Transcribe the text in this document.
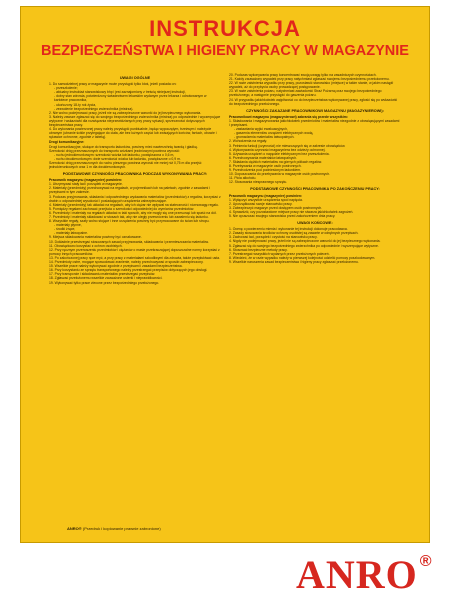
INSTRUKCJA
BEZPIECZEŃSTWA I HIGIENY PRACY W MAGAZYNIE
UWAGI OGÓLNE

1. Do samodzielnej pracy w magazynie może przystąpić tylko ktoś, jeżeli posiada on:

- przeszkolenie;

- aktualny instruktaż stanowiskowy bhp i jest zaznajomiony z treścią niniejszej instrukcji,

- dobry stan zdrowia, potwierdzony świadectwem lekarskim wydanym przez lekarza i odnotowanym w kartotece pracownika,

- ukończony 18-ty rok życia,

- zezwolenie bezpośredniego zwierzchnika (mistrza).

2. Nie wolno podejmować pracy, jeżeli nie są zabezpieczone warunki do jej bezpiecznego wykonania.

3. Należy zawsze zgłaszać się do swojego bezpośredniego zwierzchnika (mistrza) po odpowiednie i wyczerpujące wytyczne i wskazówki dla rozwiązania nieprzewidzianych przy pracy sytuacji, sprzeczności dotyczących bezpieczeństwa pracy.

4. Do wykonania powierzonej pracy należy przystąpić punktualnie, będąc wypoczętym, trzeźwym i należycie ubranym (ubranie ściśle przylegające do ciała, ale bez luźnych części lub zwisających końców, fartuch, obuwie i rękawice ochronne, zgodnie z tabelą).

Drogi komunikacyjne:

Drogi komunikacyjne, służące do transportu ładunków, powinny mieć nawierzchnię twardą i gładką.

Szerokość dróg przeznaczonych do transportu wózkami jezdniowymi powinna wynosić:

- ruchu jednokierunkowym: szerokość wózka lub ładunku, powiększona o 0,6 m,

- ruchu dwukierunkowym: dwie szerokości wózka lub ładunku, powiększone o 0,9 m.

Szerokość dróg przeznaczonych do ruchu pieszego powinna wynosić nie mniej niż 0,75 m dla przejść jednokierunkowych oraz 1 m dla dwukierunkowych.

PODSTAWOWE CZYNNOŚCI PRACOWNIKA PODCZAS WYKONYWANIA PRACY:

Pracownik magazynu (magazynier) powinien:

1. Utrzymywać stały ład i porządek w magazynie.

2. Materiały (przedmioty) przechowywać na regałach, w pojemnikach lub na paletach, zgodnie z zasadami i przepisami w tym zakresie.

3. Podczas przyjmowania, składania i odpowiedniego wydawania materiałów (przedmiotów) z regałów, korzystać z drabin o odpowiedniej wysokości i posiadających urządzenia zabezpieczające.

4. Materiały (przedmioty) tak układać na regałach, aby ich ciężar nie wpływał na stateczność i równowagę regału.

5. Pomiędzy regałami zachować przejścia o szerokości odpowiedniej do wymiarów przedmiotów.

6. Przedmioty i materiały na regałach układać w taki sposób, aby nie mogły się one przesunąć lub spaść na dół.

7. Przedmioty i materiały składować w stosach tak, aby nie uległy przewróceniu lub zawaleniu się ładunku.

8. Wszystkie regały, szafy wolno stojące i inne urządzenia powinny być przymocowane do ścian lub stropu.

- materiały płynne,

- środki żrące,

- materiały łatwopalne.

9. Miejsca składowania materiałów powinny być oznakowane.

10. Dokładnie przestrzegać stosowanych zasad przyjmowania, składowania i przemieszczania materiałów.

11. Obowiązkowo korzystać z ochron osobistych.

12. Przy ręcznym przenoszeniu przedmiotów i ciężarów o masie przekraczającej dopuszczalne normy korzystać z pomocy innych pracowników.

13. Po zakończonej pracy ręce myć, a przy pracy z materiałami szkodliwymi dla zdrowia, także przepłukiwać usta.

14. Przedmioty ostre, mogące spowodować zranienie, należy przechowywać w sposób zabezpieczony.

15. Wszelkie prace należy wykonywać zgodnie z przepisami i zasadami bezpieczeństwa.

16. Przy korzystaniu ze sprzętu transportowego należy przestrzegać przepisów dotyczących jego obsługi.

17. Przy transporcie i składowaniu materiałów przestrzegać przepisów.

18. Zgłaszać przełożonemu wszelkie zauważone usterki i nieprawidłowości.

19. Wykonywać tylko prace zlecone przez bezpośredniego przełożonego.

20. Podczas wykonywania pracy koncentrować swoją uwagę tylko na zasadniczych czynnościach.

21. Każdy zauważony wypadek przy pracy natychmiast zgłaszać swojemu bezpośredniemu przełożonemu.

22. W razie zaistnienia wypadku przy pracy, pozostawić stanowisko (miejsce) w takim stanie, w jakim nastąpił wypadek, aż do przybycia osoby prowadzącej postępowanie.

23. W razie zaistnienia pożaru, natychmiast zawiadomić Straż Pożarną oraz swojego bezpośredniego przełożonego, a następnie przystąpić do gaszenia pożaru.

24. W przypadku jakichkolwiek wątpliwości co do bezpieczeństwa wykonywanej pracy, zgłosić się po wskazówki do bezpośredniego przełożonego.

CZYNNOŚCI ZAKAZANE PRACOWNIKOWI MAGAZYNU (MAGAZYNIEROWI):

Pracownikowi magazynu (magazynierowi) zabrania się przede wszystkim:

1. Składowania i magazynowania jakichkolwiek przedmiotów i materiałów niezgodnie z obowiązującymi zasadami i przepisami.

- zastawiania wyjść ewakuacyjnych,

- gaszenia elementów urządzeń elektrycznych wodą,

- gromadzenia materiałów łatwopalnych.

2. Wchodzenia na regały.

3. Pełnienia funkcji (czynności) nie mieszczących się w zakresie obowiązków.

4. Wykonywania czynności magazyniera bez odzieży ochronnej.

5. Używania urządzeń o napędzie elektrycznym bez przeszkolenia.

6. Przechowywania materiałów łatwopalnych.

7. Składania ciężkich materiałów na górnych półkach regałów.

8. Przebywania w magazynie osób postronnych.

9. Przechodzenia pod podniesionym ładunkiem.

10. Dopuszczania do przebywania w magazynie osób postronnych.

11. Picia alkoholu.

12. Stosowania niesprawnego sprzętu.

PODSTAWOWE CZYNNOŚCI PRACOWNIKA PO ZAKOŃCZENIU PRACY:

Pracownik magazynu (magazynier) powinien:

1. Wyłączyć wszystkie urządzenia spod napięcia.

2. Uporządkować swoje stanowisko pracy.

3. Zabezpieczyć magazyn przed dostępem osób postronnych.

4. Sprawdzić, czy pozostawione miejsce pracy nie stwarza jakichkolwiek zagrożeń.

5. Nie opuszczać swojego stanowiska przed zakończeniem dnia pracy.

UWAGI KOŃCOWE:

1. Ocenę o powierzeniu mienia i wykonanie tej instrukcji dokonuje pracodawca.

2. Zasady stosowania środków ochrony osobistej są zawarte w odrębnych przepisach.

3. Zachować ład, porządek i czystość na stanowisku pracy.

4. Nigdy nie podejmować pracy, jeżeli nie są zabezpieczone warunki do jej bezpiecznego wykonania.

5. Zgłaszać się do swojego bezpośredniego zwierzchnika po odpowiednie i wyczerpujące wytyczne.

6. Stosować bezpieczne metody pracy.

7. Przestrzegać wszystkich wydanych przez przełożonych poleceń.

8. Wiedzieć, że w razie wypadku należy w pierwszej kolejności udzielić pomocy poszkodowanym.

9. Wszelkie naruszenia zasad bezpieczeństwa i higieny pracy zgłaszać przełożonemu.

ANRO® (Przedruk i kopiowanie prawnie zabronione)
ANRO ®
